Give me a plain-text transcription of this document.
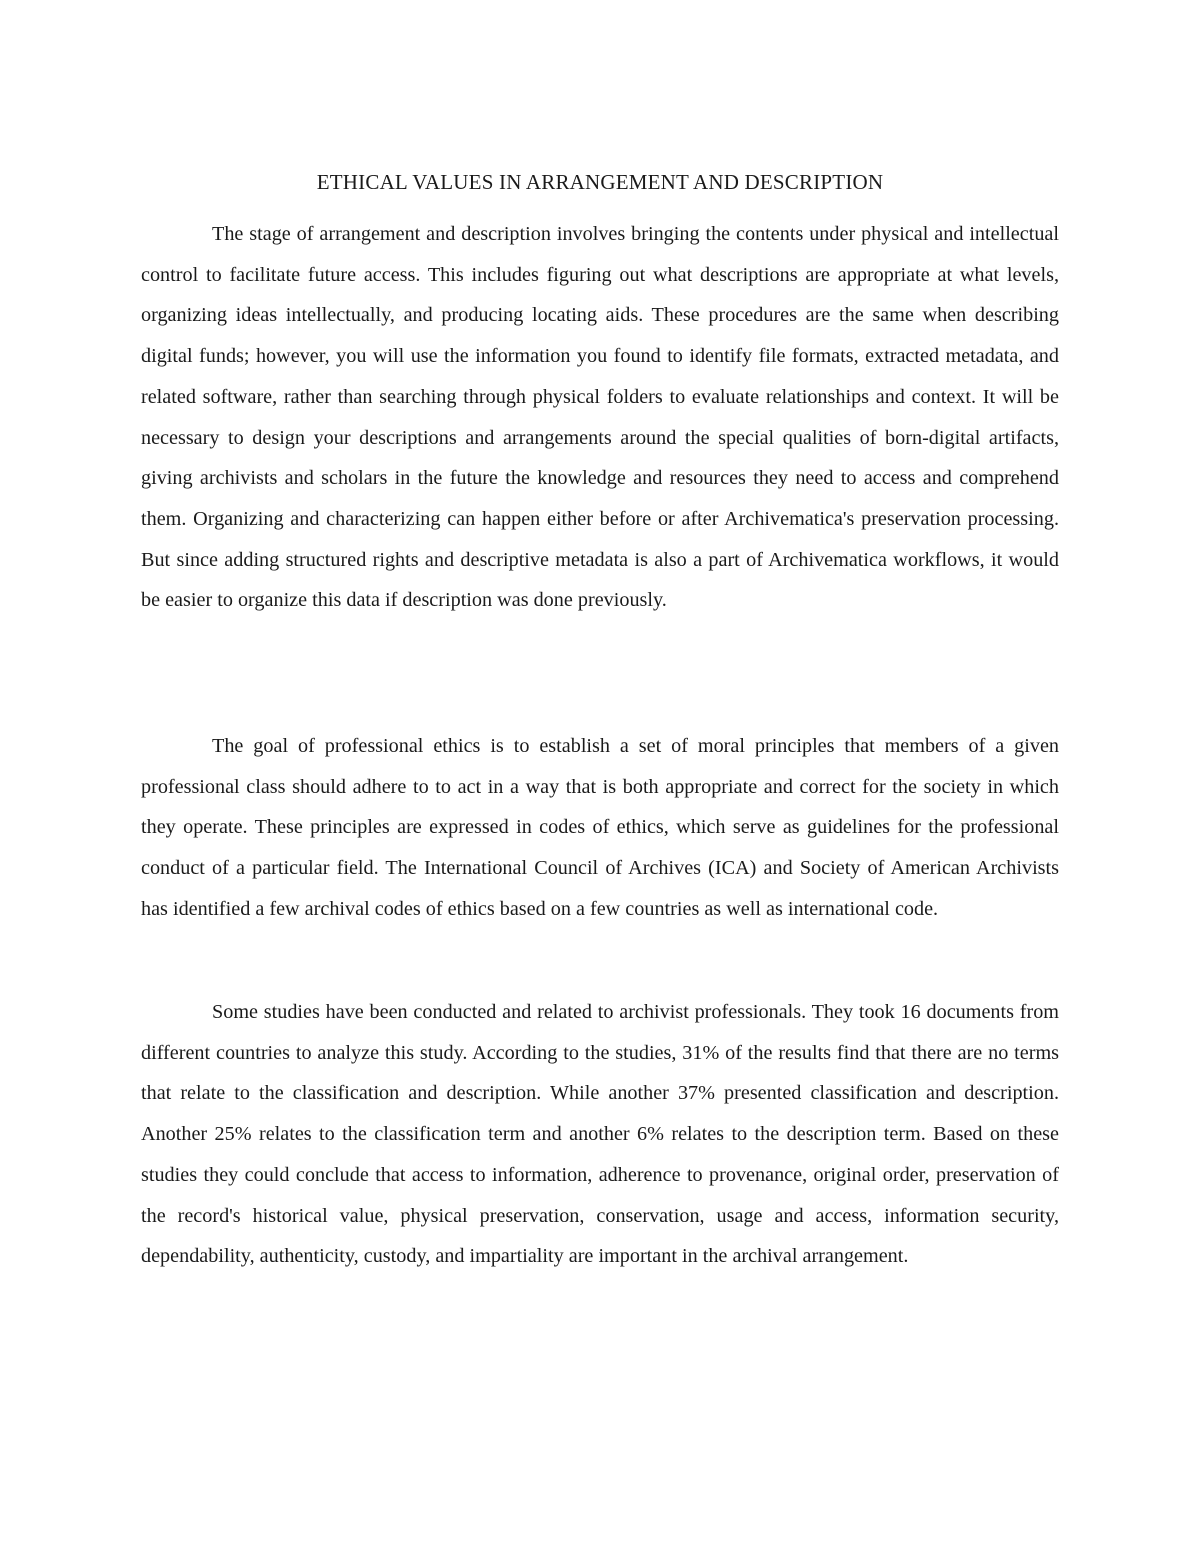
ETHICAL VALUES IN ARRANGEMENT AND DESCRIPTION

The stage of arrangement and description involves bringing the contents under physical and intellectual control to facilitate future access. This includes figuring out what descriptions are appropriate at what levels, organizing ideas intellectually, and producing locating aids. These procedures are the same when describing digital funds; however, you will use the information you found to identify file formats, extracted metadata, and related software, rather than searching through physical folders to evaluate relationships and context. It will be necessary to design your descriptions and arrangements around the special qualities of born-digital artifacts, giving archivists and scholars in the future the knowledge and resources they need to access and comprehend them. Organizing and characterizing can happen either before or after Archivematica's preservation processing. But since adding structured rights and descriptive metadata is also a part of Archivematica workflows, it would be easier to organize this data if description was done previously.

The goal of professional ethics is to establish a set of moral principles that members of a given professional class should adhere to to act in a way that is both appropriate and correct for the society in which they operate. These principles are expressed in codes of ethics, which serve as guidelines for the professional conduct of a particular field. The International Council of Archives (ICA) and Society of American Archivists has identified a few archival codes of ethics based on a few countries as well as international code.

Some studies have been conducted and related to archivist professionals. They took 16 documents from different countries to analyze this study. According to the studies, 31% of the results find that there are no terms that relate to the classification and description. While another 37% presented classification and description. Another 25% relates to the classification term and another 6% relates to the description term. Based on these studies they could conclude that access to information, adherence to provenance, original order, preservation of the record's historical value, physical preservation, conservation, usage and access, information security, dependability, authenticity, custody, and impartiality are important in the archival arrangement.
